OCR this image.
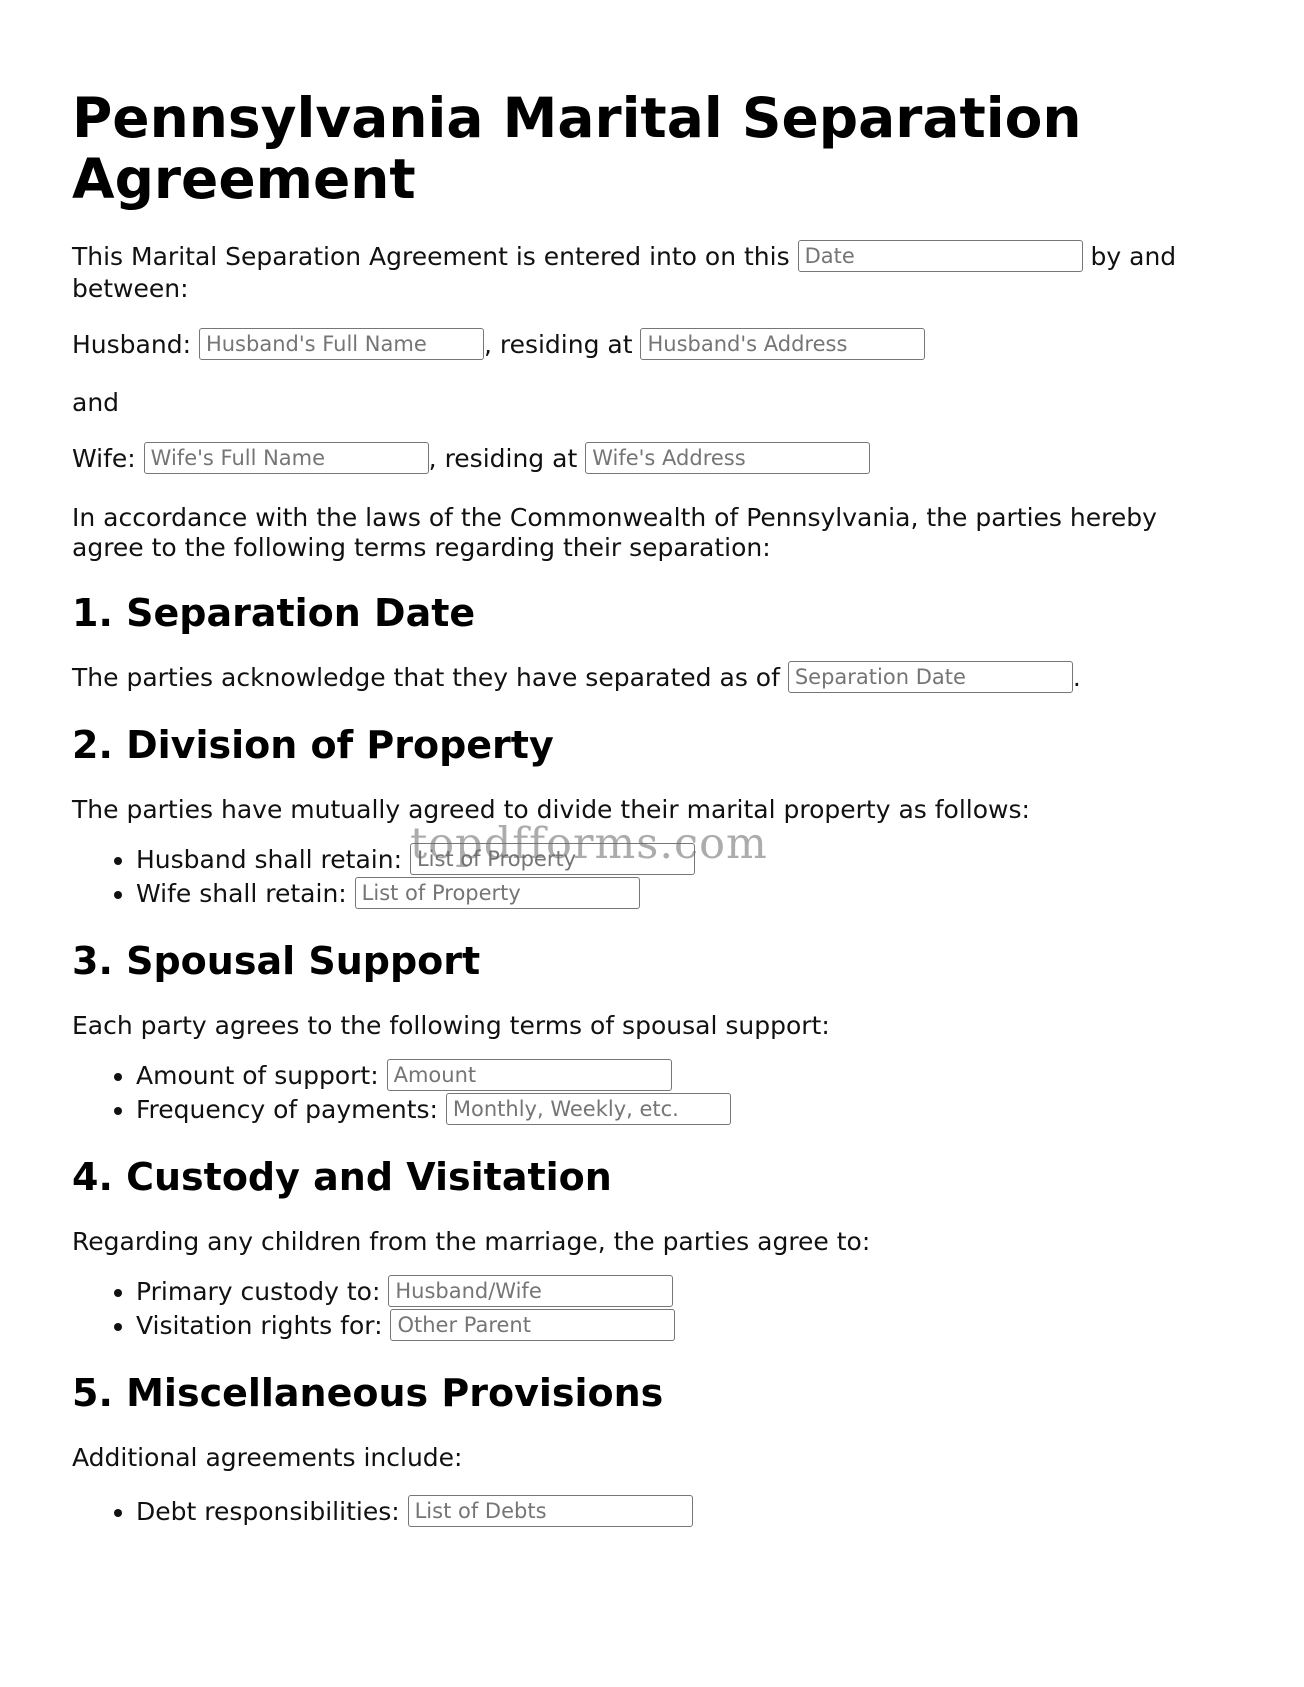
Pennsylvania Marital Separation Agreement

This Marital Separation Agreement is entered into on this Date	by and between:

Husband: Husband's Full Name	, residing at Husband's Address

and

Wife: Wife's Full Name	, residing at Wife's Address

In accordance with the laws of the Commonwealth of Pennsylvania, the parties hereby agree to the following terms regarding their separation:

1. Separation Date

The parties acknowledge that they have separated as of Separation Date	.

2. Division of Property

The parties have mutually agreed to divide their marital property as follows:

• Husband shall retain: List of Property
• Wife shall retain: List of Property
3. Spousal Support

Each party agrees to the following terms of spousal support:

• Amount of support: Amount
• Frequency of payments: Monthly, Weekly, etc.
4. Custody and Visitation

Regarding any children from the marriage, the parties agree to:

• Primary custody to: Husband/Wife
• Visitation rights for: Other Parent
5. Miscellaneous Provisions

Additional agreements include:

• Debt responsibilities: List of Debts
topdfforms.com
